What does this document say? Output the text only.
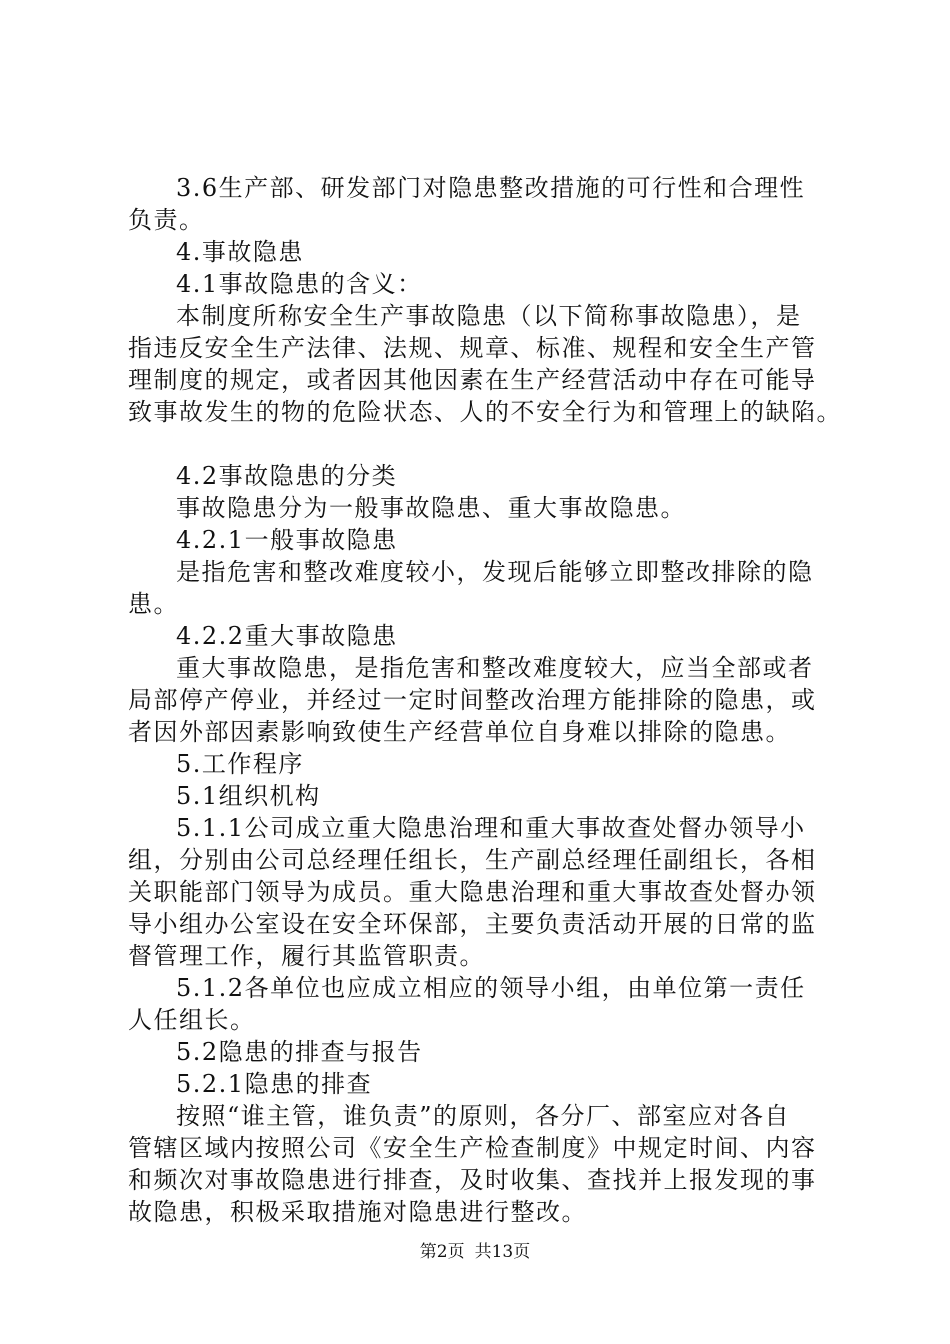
3.6生产部、研发部门对隐患整改措施的可行性和合理性
负责。
4.事故隐患
4.1事故隐患的含义：
本制度所称安全生产事故隐患（以下简称事故隐患），是
指违反安全生产法律、法规、规章、标准、规程和安全生产管
理制度的规定，或者因其他因素在生产经营活动中存在可能导
致事故发生的物的危险状态、人的不安全行为和管理上的缺陷。
4.2事故隐患的分类
事故隐患分为一般事故隐患、重大事故隐患。
4.2.1一般事故隐患
是指危害和整改难度较小，发现后能够立即整改排除的隐
患。
4.2.2重大事故隐患
重大事故隐患，是指危害和整改难度较大，应当全部或者
局部停产停业，并经过一定时间整改治理方能排除的隐患，或
者因外部因素影响致使生产经营单位自身难以排除的隐患。
5.工作程序
5.1组织机构
5.1.1公司成立重大隐患治理和重大事故查处督办领导小
组，分别由公司总经理任组长，生产副总经理任副组长，各相
关职能部门领导为成员。重大隐患治理和重大事故查处督办领
导小组办公室设在安全环保部，主要负责活动开展的日常的监
督管理工作，履行其监管职责。
5.1.2各单位也应成立相应的领导小组，由单位第一责任
人任组长。
5.2隐患的排查与报告
5.2.1隐患的排查
按照“谁主管，谁负责”的原则，各分厂、部室应对各自
管辖区域内按照公司《安全生产检查制度》中规定时间、内容
和频次对事故隐患进行排查，及时收集、查找并上报发现的事
故隐患，积极采取措施对隐患进行整改。
第2页 共13页
